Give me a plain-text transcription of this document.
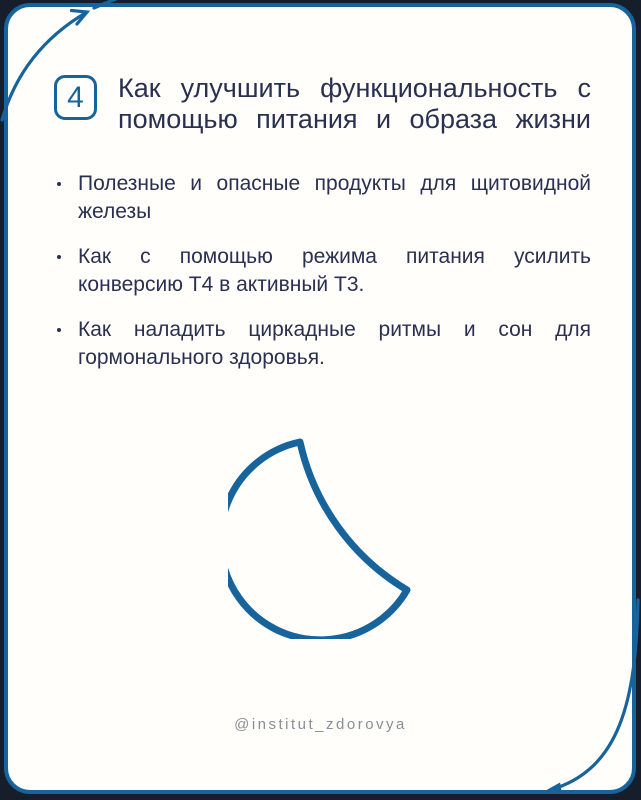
4 Как улучшить функциональность с
помощью питания и образа жизни
Полезные и опасные продукты для щитовидной
железы
Как с помощью режима питания усилить
конверсию Т4 в активный Т3.
Как наладить циркадные ритмы и сон для
гормонального здоровья.
@institut_zdorovya
